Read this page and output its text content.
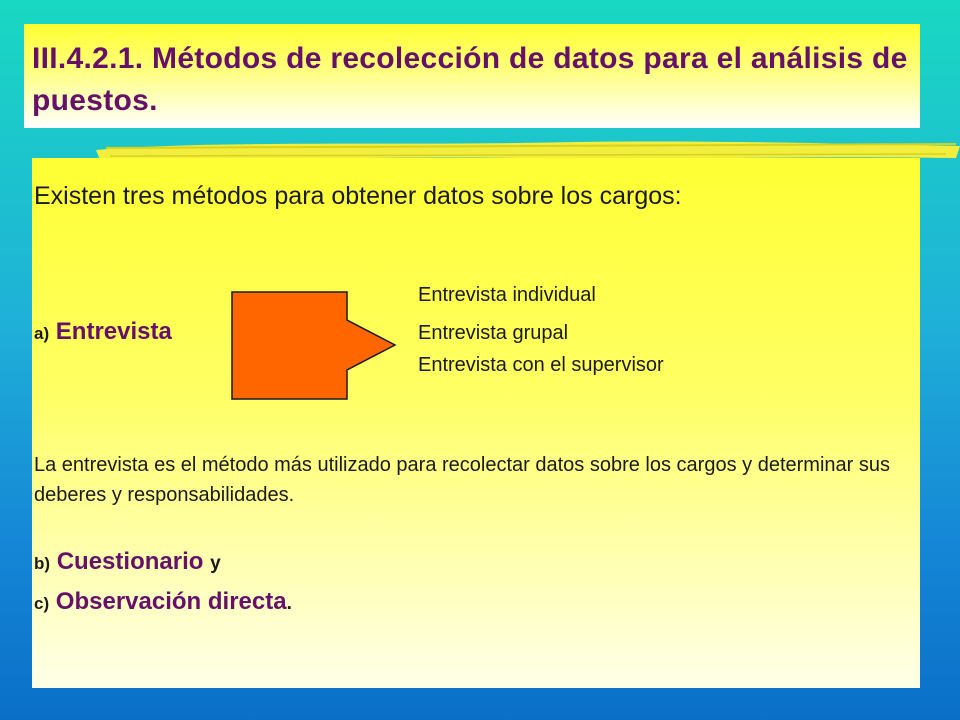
III.4.2.1. Métodos de recolección de datos para el análisis de puestos.
Existen tres métodos para obtener datos sobre los cargos:
a) Entrevista
Entrevista individual
Entrevista grupal
Entrevista con el supervisor
La entrevista es el método más utilizado para recolectar datos sobre los cargos y determinar sus deberes y responsabilidades.
b) Cuestionario y
c) Observación directa.
